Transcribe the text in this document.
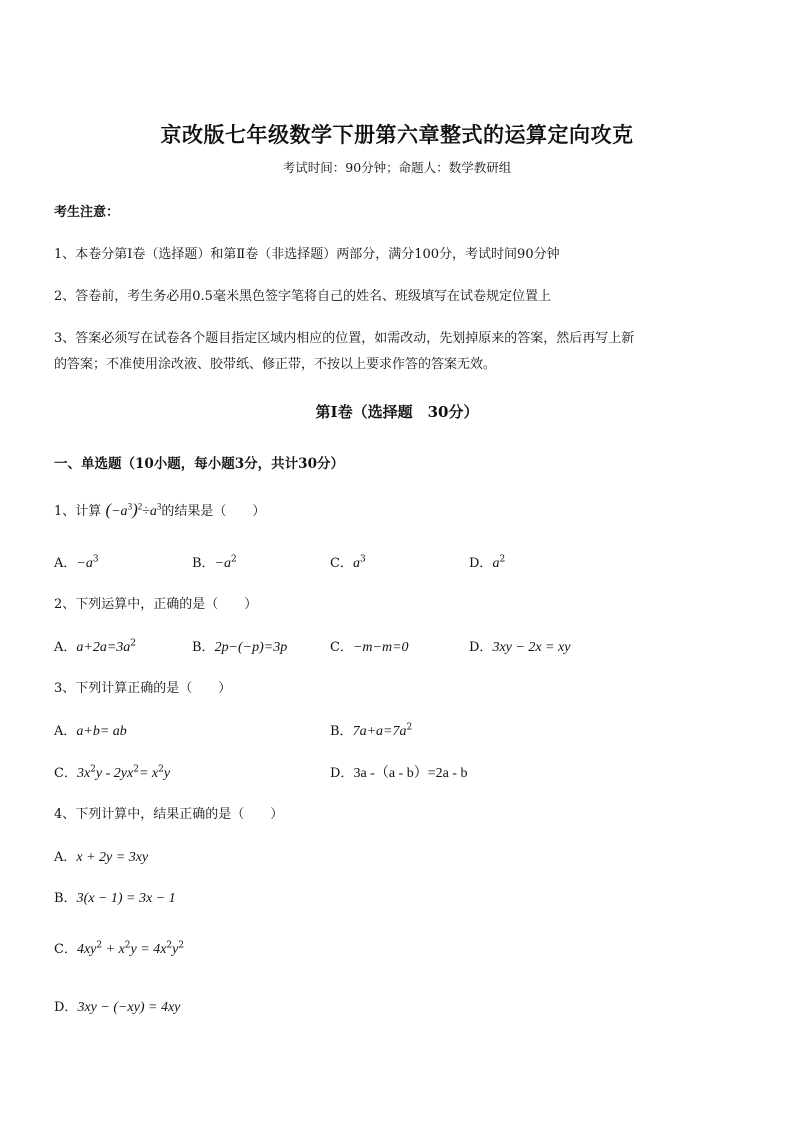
京改版七年级数学下册第六章整式的运算定向攻克
考试时间：90分钟；命题人：数学教研组
考生注意：
1、本卷分第Ⅰ卷（选择题）和第Ⅱ卷（非选择题）两部分，满分100分，考试时间90分钟
2、答卷前，考生务必用0.5毫米黑色签字笔将自己的姓名、班级填写在试卷规定位置上
3、答案必须写在试卷各个题目指定区域内相应的位置，如需改动，先划掉原来的答案，然后再写上新
的答案；不准使用涂改液、胶带纸、修正带，不按以上要求作答的答案无效。
第Ⅰ卷（选择题　30分）
一、单选题（10小题，每小题3分，共计30分）
1、计算 $(-a^3)^2\div a^3$的结果是（　　）
A．$-a^3$	B．$-a^2$	C．$a^3$	D．$a^2$
2、下列运算中，正确的是（　　）
A．$a+2a=3a^2$	B．2p−(−p)=3p	C．−m−m=0	D．3xy − 2x = xy
3、下列计算正确的是（　　）
A．a+b= ab	B．$7a+a=7a^2$
C．$3x^2y - 2yx^2= x^2y$	D．3a -（a - b）=2a - b
4、下列计算中，结果正确的是（　　）
A．x + 2y = 3xy
B．3(x − 1) = 3x − 1
C．$4xy^2 + x^2y = 4x^2y^2$
D．3xy − (−xy) = 4xy
